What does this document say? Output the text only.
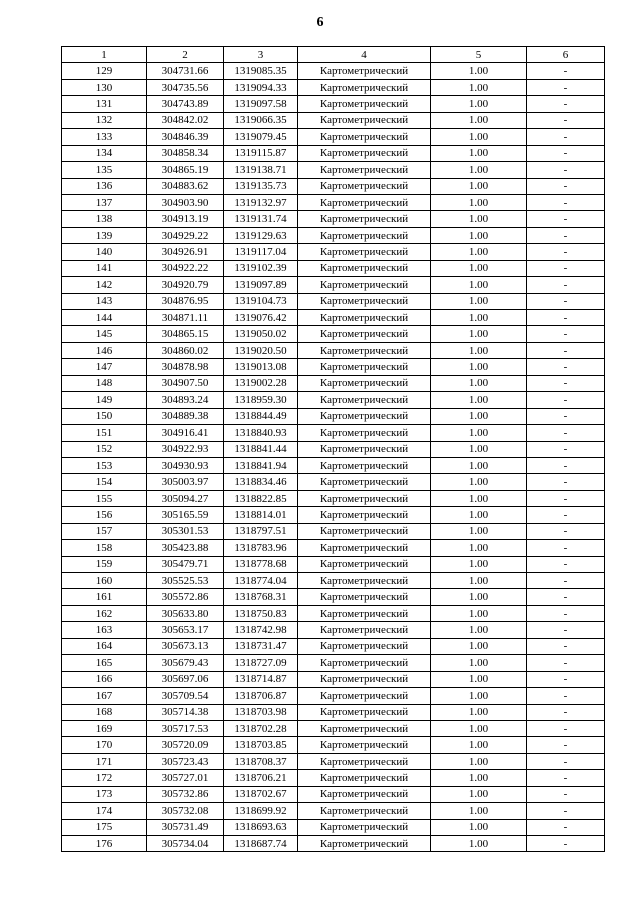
6
1	2	3	4	5	6
129	304731.66	1319085.35	Картометрический	1.00	-
130	304735.56	1319094.33	Картометрический	1.00	-
131	304743.89	1319097.58	Картометрический	1.00	-
132	304842.02	1319066.35	Картометрический	1.00	-
133	304846.39	1319079.45	Картометрический	1.00	-
134	304858.34	1319115.87	Картометрический	1.00	-
135	304865.19	1319138.71	Картометрический	1.00	-
136	304883.62	1319135.73	Картометрический	1.00	-
137	304903.90	1319132.97	Картометрический	1.00	-
138	304913.19	1319131.74	Картометрический	1.00	-
139	304929.22	1319129.63	Картометрический	1.00	-
140	304926.91	1319117.04	Картометрический	1.00	-
141	304922.22	1319102.39	Картометрический	1.00	-
142	304920.79	1319097.89	Картометрический	1.00	-
143	304876.95	1319104.73	Картометрический	1.00	-
144	304871.11	1319076.42	Картометрический	1.00	-
145	304865.15	1319050.02	Картометрический	1.00	-
146	304860.02	1319020.50	Картометрический	1.00	-
147	304878.98	1319013.08	Картометрический	1.00	-
148	304907.50	1319002.28	Картометрический	1.00	-
149	304893.24	1318959.30	Картометрический	1.00	-
150	304889.38	1318844.49	Картометрический	1.00	-
151	304916.41	1318840.93	Картометрический	1.00	-
152	304922.93	1318841.44	Картометрический	1.00	-
153	304930.93	1318841.94	Картометрический	1.00	-
154	305003.97	1318834.46	Картометрический	1.00	-
155	305094.27	1318822.85	Картометрический	1.00	-
156	305165.59	1318814.01	Картометрический	1.00	-
157	305301.53	1318797.51	Картометрический	1.00	-
158	305423.88	1318783.96	Картометрический	1.00	-
159	305479.71	1318778.68	Картометрический	1.00	-
160	305525.53	1318774.04	Картометрический	1.00	-
161	305572.86	1318768.31	Картометрический	1.00	-
162	305633.80	1318750.83	Картометрический	1.00	-
163	305653.17	1318742.98	Картометрический	1.00	-
164	305673.13	1318731.47	Картометрический	1.00	-
165	305679.43	1318727.09	Картометрический	1.00	-
166	305697.06	1318714.87	Картометрический	1.00	-
167	305709.54	1318706.87	Картометрический	1.00	-
168	305714.38	1318703.98	Картометрический	1.00	-
169	305717.53	1318702.28	Картометрический	1.00	-
170	305720.09	1318703.85	Картометрический	1.00	-
171	305723.43	1318708.37	Картометрический	1.00	-
172	305727.01	1318706.21	Картометрический	1.00	-
173	305732.86	1318702.67	Картометрический	1.00	-
174	305732.08	1318699.92	Картометрический	1.00	-
175	305731.49	1318693.63	Картометрический	1.00	-
176	305734.04	1318687.74	Картометрический	1.00	-
